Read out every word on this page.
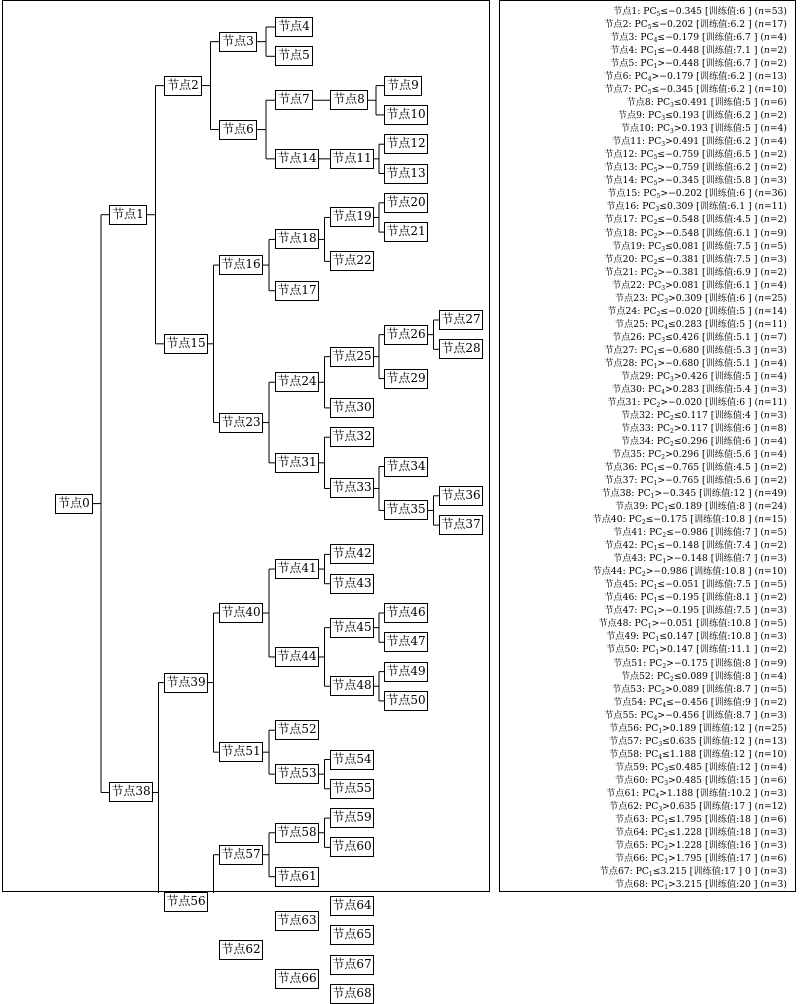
节点4
节点5
节点3
节点9
节点10
节点8
节点7
节点12
节点13
节点11
节点14
节点6
节点2
节点20
节点21
节点19
节点22
节点18
节点17
节点16
节点27
节点28
节点26
节点29
节点25
节点30
节点24
节点32
节点34
节点36
节点37
节点35
节点33
节点31
节点23
节点15
节点1
节点42
节点43
节点41
节点46
节点47
节点45
节点49
节点50
节点48
节点44
节点40
节点52
节点54
节点55
节点53
节点51
节点39
节点59
节点60
节点58
节点61
节点57
节点64
节点65
节点63
节点67
节点68
节点66
节点62
节点56
节点38
节点0
节点1: $PC_5\le-0.345$ [训练值:6 ] (n=53)
节点2: $PC_5\le-0.202$ [训练值:6.2 ] (n=17)
节点3: $PC_4\le-0.179$ [训练值:6.7 ] (n=4)
节点4: $PC_1\le-0.448$ [训练值:7.1 ] (n=2)
节点5: $PC_1>-0.448$ [训练值:6.7 ] (n=2)
节点6: $PC_4>-0.179$ [训练值:6.2 ] (n=13)
节点7: $PC_5\le-0.345$ [训练值:6.2 ] (n=10)
节点8: $PC_3\le 0.491$ [训练值:5 ] (n=6)
节点9: $PC_3\le 0.193$ [训练值:6.2 ] (n=2)
节点10: $PC_3>0.193$ [训练值:5 ] (n=4)
节点11: $PC_3>0.491$ [训练值:6.2 ] (n=4)
节点12: $PC_5\le-0.759$ [训练值:6.5 ] (n=2)
节点13: $PC_5>-0.759$ [训练值:6.2 ] (n=2)
节点14: $PC_5>-0.345$ [训练值:5.8 ] (n=3)
节点15: $PC_5>-0.202$ [训练值:6 ] (n=36)
节点16: $PC_3\le 0.309$ [训练值:6.1 ] (n=11)
节点17: $PC_2\le-0.548$ [训练值:4.5 ] (n=2)
节点18: $PC_2>-0.548$ [训练值:6.1 ] (n=9)
节点19: $PC_3\le 0.081$ [训练值:7.5 ] (n=5)
节点20: $PC_2\le-0.381$ [训练值:7.5 ] (n=3)
节点21: $PC_2>-0.381$ [训练值:6.9 ] (n=2)
节点22: $PC_3>0.081$ [训练值:6.1 ] (n=4)
节点23: $PC_3>0.309$ [训练值:6 ] (n=25)
节点24: $PC_2\le-0.020$ [训练值:5 ] (n=14)
节点25: $PC_4\le 0.283$ [训练值:5 ] (n=11)
节点26: $PC_3\le 0.426$ [训练值:5.1 ] (n=7)
节点27: $PC_1\le-0.680$ [训练值:5.3 ] (n=3)
节点28: $PC_1>-0.680$ [训练值:5.1 ] (n=4)
节点29: $PC_3>0.426$ [训练值:5 ] (n=4)
节点30: $PC_4>0.283$ [训练值:5.4 ] (n=3)
节点31: $PC_2>-0.020$ [训练值:6 ] (n=11)
节点32: $PC_2\le 0.117$ [训练值:4 ] (n=3)
节点33: $PC_2>0.117$ [训练值:6 ] (n=8)
节点34: $PC_2\le 0.296$ [训练值:6 ] (n=4)
节点35: $PC_2>0.296$ [训练值:5.6 ] (n=4)
节点36: $PC_1\le-0.765$ [训练值:4.5 ] (n=2)
节点37: $PC_1>-0.765$ [训练值:5.6 ] (n=2)
节点38: $PC_1>-0.345$ [训练值:12 ] (n=49)
节点39: $PC_1\le 0.189$ [训练值:8 ] (n=24)
节点40: $PC_2\le-0.175$ [训练值:10.8 ] (n=15)
节点41: $PC_2\le-0.986$ [训练值:7 ] (n=5)
节点42: $PC_1\le-0.148$ [训练值:7.4 ] (n=2)
节点43: $PC_1>-0.148$ [训练值:7 ] (n=3)
节点44: $PC_2>-0.986$ [训练值:10.8 ] (n=10)
节点45: $PC_1\le-0.051$ [训练值:7.5 ] (n=5)
节点46: $PC_1\le-0.195$ [训练值:8.1 ] (n=2)
节点47: $PC_1>-0.195$ [训练值:7.5 ] (n=3)
节点48: $PC_1>-0.051$ [训练值:10.8 ] (n=5)
节点49: $PC_1\le 0.147$ [训练值:10.8 ] (n=3)
节点50: $PC_1>0.147$ [训练值:11.1 ] (n=2)
节点51: $PC_2>-0.175$ [训练值:8 ] (n=9)
节点52: $PC_2\le 0.089$ [训练值:8 ] (n=4)
节点53: $PC_2>0.089$ [训练值:8.7 ] (n=5)
节点54: $PC_4\le-0.456$ [训练值:9 ] (n=2)
节点55: $PC_4>-0.456$ [训练值:8.7 ] (n=3)
节点56: $PC_1>0.189$ [训练值:12 ] (n=25)
节点57: $PC_3\le 0.635$ [训练值:12 ] (n=13)
节点58: $PC_4\le 1.188$ [训练值:12 ] (n=10)
节点59: $PC_3\le 0.485$ [训练值:12 ] (n=4)
节点60: $PC_3>0.485$ [训练值:15 ] (n=6)
节点61: $PC_4>1.188$ [训练值:10.2 ] (n=3)
节点62: $PC_3>0.635$ [训练值:17 ] (n=12)
节点63: $PC_1\le 1.795$ [训练值:18 ] (n=6)
节点64: $PC_2\le 1.228$ [训练值:18 ] (n=3)
节点65: $PC_2>1.228$ [训练值:16 ] (n=3)
节点66: $PC_1>1.795$ [训练值:17 ] (n=6)
节点67: $PC_1\le 3.215$ [训练值:17 ] 0 ] (n=3)
节点68: $PC_1>3.215$ [训练值:20 ] (n=3)
